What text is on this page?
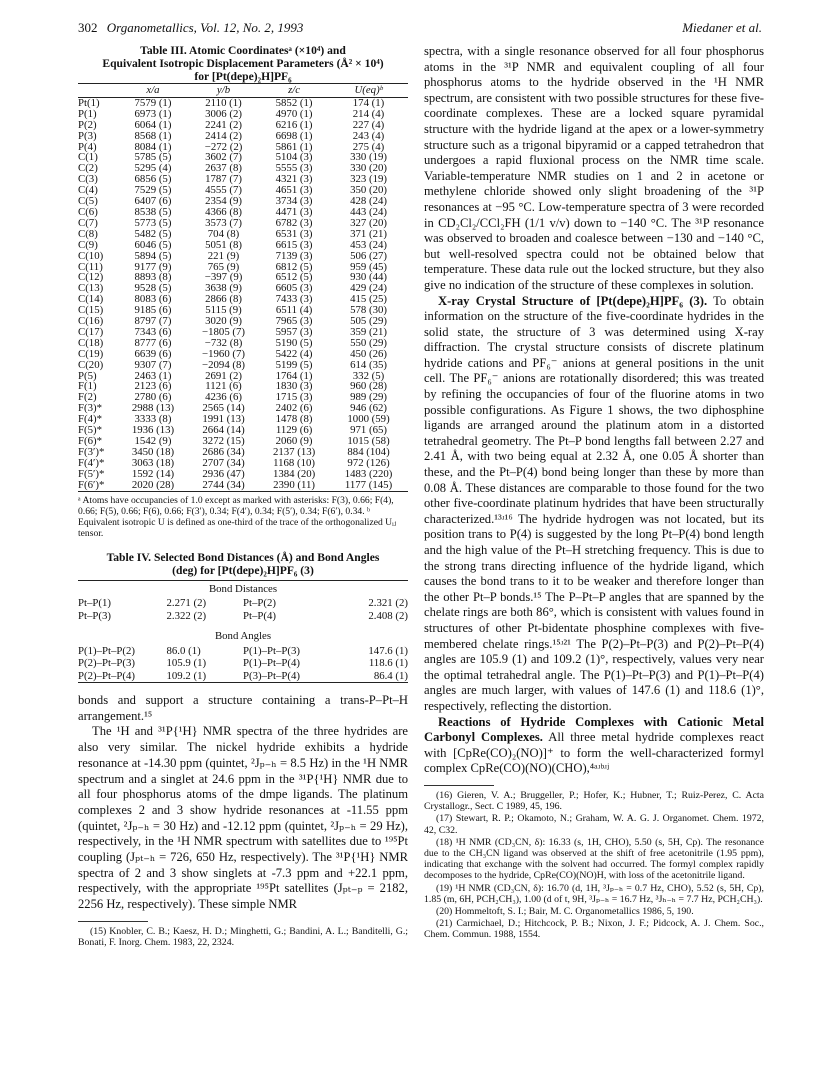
302 Organometallics, Vol. 12, No. 2, 1993	Miedaner et al.
Table III. Atomic Coordinatesᵃ (×10⁴) and
Equivalent Isotropic Displacement Parameters (Å² × 10⁴)
for [Pt(depe)₂H]PF₆
	x/a	y/b	z/c	U(eq)ᵇ
Pt(1)	7579 (1)	2110 (1)	5852 (1)	174 (1)
P(1)	6973 (1)	3006 (2)	4970 (1)	214 (4)
P(2)	6064 (1)	2241 (2)	6216 (1)	227 (4)
P(3)	8568 (1)	2414 (2)	6698 (1)	243 (4)
P(4)	8084 (1)	−272 (2)	5861 (1)	275 (4)
C(1)	5785 (5)	3602 (7)	5104 (3)	330 (19)
C(2)	5295 (4)	2637 (8)	5555 (3)	330 (20)
C(3)	6856 (5)	1787 (7)	4321 (3)	323 (19)
C(4)	7529 (5)	4555 (7)	4651 (3)	350 (20)
C(5)	6407 (6)	2354 (9)	3734 (3)	428 (24)
C(6)	8538 (5)	4366 (8)	4471 (3)	443 (24)
C(7)	5773 (5)	3573 (7)	6782 (3)	327 (20)
C(8)	5482 (5)	704 (8)	6531 (3)	371 (21)
C(9)	6046 (5)	5051 (8)	6615 (3)	453 (24)
C(10)	5894 (5)	221 (9)	7139 (3)	506 (27)
C(11)	9177 (9)	765 (9)	6812 (5)	959 (45)
C(12)	8893 (8)	−397 (9)	6512 (5)	930 (44)
C(13)	9528 (5)	3638 (9)	6605 (3)	429 (24)
C(14)	8083 (6)	2866 (8)	7433 (3)	415 (25)
C(15)	9185 (6)	5115 (9)	6511 (4)	578 (30)
C(16)	8797 (7)	3020 (9)	7965 (3)	505 (29)
C(17)	7343 (6)	−1805 (7)	5957 (3)	359 (21)
C(18)	8777 (6)	−732 (8)	5190 (5)	550 (29)
C(19)	6639 (6)	−1960 (7)	5422 (4)	450 (26)
C(20)	9307 (7)	−2094 (8)	5199 (5)	614 (35)
P(5)	2463 (1)	2691 (2)	1764 (1)	332 (5)
F(1)	2123 (6)	1121 (6)	1830 (3)	960 (28)
F(2)	2780 (6)	4236 (6)	1715 (3)	989 (29)
F(3)*	2988 (13)	2565 (14)	2402 (6)	946 (62)
F(4)*	3333 (8)	1991 (13)	1478 (8)	1000 (59)
F(5)*	1936 (13)	2664 (14)	1129 (6)	971 (65)
F(6)*	1542 (9)	3272 (15)	2060 (9)	1015 (58)
F(3′)*	3450 (18)	2686 (34)	2137 (13)	884 (104)
F(4′)*	3063 (18)	2707 (34)	1168 (10)	972 (126)
F(5′)*	1592 (14)	2936 (47)	1384 (20)	1483 (220)
F(6′)*	2020 (28)	2744 (34)	2390 (11)	1177 (145)
ᵃ Atoms have occupancies of 1.0 except as marked with asterisks: F(3), 0.66; F(4), 0.66; F(5), 0.66; F(6), 0.66; F(3′), 0.34; F(4′), 0.34; F(5′), 0.34; F(6′), 0.34. ᵇ Equivalent isotropic U is defined as one-third of the trace of the orthogonalized Uᵢⱼ tensor.
Table IV. Selected Bond Distances (Å) and Bond Angles
(deg) for [Pt(depe)₂H]PF₆ (3)
Bond Distances			
Pt–P(1)	2.271 (2)	Pt–P(2)	2.321 (2)
Pt–P(3)	2.322 (2)	Pt–P(4)	2.408 (2)

Bond Angles			
P(1)–Pt–P(2)	86.0 (1)	P(1)–Pt–P(3)	147.6 (1)
P(2)–Pt–P(3)	105.9 (1)	P(1)–Pt–P(4)	118.6 (1)
P(2)–Pt–P(4)	109.2 (1)	P(3)–Pt–P(4)	86.4 (1)

bonds and support a structure containing a trans-P–Pt–H arrangement.¹⁵

The ¹H and ³¹P{¹H} NMR spectra of the three hydrides are also very similar. The nickel hydride exhibits a hydride resonance at -14.30 ppm (quintet, ²Jₚ₋ₕ = 8.5 Hz) in the ¹H NMR spectrum and a singlet at 24.6 ppm in the ³¹P{¹H} NMR due to all four phosphorus atoms of the dmpe ligands. The platinum complexes 2 and 3 show hydride resonances at -11.55 ppm (quintet, ²Jₚ₋ₕ = 30 Hz) and -12.12 ppm (quintet, ²Jₚ₋ₕ = 29 Hz), respectively, in the ¹H NMR spectrum with satellites due to ¹⁹⁵Pt coupling (Jₚₜ₋ₕ = 726, 650 Hz, respectively). The ³¹P{¹H} NMR spectra of 2 and 3 show singlets at -7.3 ppm and +22.1 ppm, respectively, with the appropriate ¹⁹⁵Pt satellites (Jₚₜ₋ₚ = 2182, 2256 Hz, respectively). These simple NMR

(15) Knobler, C. B.; Kaesz, H. D.; Minghetti, G.; Bandini, A. L.; Banditelli, G.; Bonati, F. Inorg. Chem. 1983, 22, 2324.

spectra, with a single resonance observed for all four phosphorus atoms in the ³¹P NMR and equivalent coupling of all four phosphorus atoms to the hydride observed in the ¹H NMR spectrum, are consistent with two possible structures for these five-coordinate complexes. These are a locked square pyramidal structure with the hydride ligand at the apex or a lower-symmetry structure such as a trigonal bipyramid or a capped tetrahedron that undergoes a rapid fluxional process on the NMR time scale. Variable-temperature NMR studies on 1 and 2 in acetone or methylene chloride showed only slight broadening of the ³¹P resonances at −95 °C. Low-temperature spectra of 3 were recorded in CD₂Cl₂/CCl₂FH (1/1 v/v) down to −140 °C. The ³¹P resonance was observed to broaden and coalesce between −130 and −140 °C, but well-resolved spectra could not be obtained below that temperature. These data rule out the locked structure, but they also give no indication of the structure of these complexes in solution.

X-ray Crystal Structure of [Pt(depe)₂H]PF₆ (3). To obtain information on the structure of the five-coordinate hydrides in the solid state, the structure of 3 was determined using X-ray diffraction. The crystal structure consists of discrete platinum hydride cations and PF₆⁻ anions at general positions in the unit cell. The PF₆⁻ anions are rotationally disordered; this was treated by refining the occupancies of four of the fluorine atoms in two possible configurations. As Figure 1 shows, the two diphosphine ligands are arranged around the platinum atom in a distorted tetrahedral geometry. The Pt–P bond lengths fall between 2.27 and 2.41 Å, with two being equal at 2.32 Å, one 0.05 Å shorter than these, and the Pt–P(4) bond being longer than these by more than 0.08 Å. These distances are comparable to those found for the two other five-coordinate platinum hydrides that have been structurally characterized.¹³ʴ¹⁶ The hydride hydrogen was not located, but its position trans to P(4) is suggested by the long Pt–P(4) bond length and the high value of the Pt–H stretching frequency. This is due to the strong trans directing influence of the hydride ligand, which causes the bond trans to it to be weaker and therefore longer than the other Pt–P bonds.¹⁵ The P–Pt–P angles that are spanned by the chelate rings are both 86°, which is consistent with values found in structures of other Pt-bidentate phosphine complexes with five-membered chelate rings.¹⁵ʴ²¹ The P(2)–Pt–P(3) and P(2)–Pt–P(4) angles are 105.9 (1) and 109.2 (1)°, respectively, values very near the optimal tetrahedral angle. The P(1)–Pt–P(3) and P(1)–Pt–P(4) angles are much larger, with values of 147.6 (1) and 118.6 (1)°, respectively, reflecting the distortion.

Reactions of Hydride Complexes with Cationic Metal Carbonyl Complexes. All three metal hydride complexes react with [CpRe(CO)₂(NO)]⁺ to form the well-characterized formyl complex CpRe(CO)(NO)(CHO),⁴ᵃʴᵇʴʲ

(16) Gieren, V. A.; Bruggeller, P.; Hofer, K.; Hubner, T.; Ruiz-Perez, C. Acta Crystallogr., Sect. C 1989, 45, 196.

(17) Stewart, R. P.; Okamoto, N.; Graham, W. A. G. J. Organomet. Chem. 1972, 42, C32.

(18) ¹H NMR (CD₃CN, δ): 16.33 (s, 1H, CHO), 5.50 (s, 5H, Cp). The resonance due to the CH₃CN ligand was observed at the shift of free acetonitrile (1.95 ppm), indicating that exchange with the solvent had occurred. The formyl complex rapidly decomposes to the hydride, CpRe(CO)(NO)H, with loss of the acetonitrile ligand.

(19) ¹H NMR (CD₃CN, δ): 16.70 (d, 1H, ³Jₚ₋ₕ = 0.7 Hz, CHO), 5.52 (s, 5H, Cp), 1.85 (m, 6H, PCH₂CH₃), 1.00 (d of t, 9H, ³Jₚ₋ₕ = 16.7 Hz, ³Jₕ₋ₕ = 7.7 Hz, PCH₂CH₃).

(20) Hommeltoft, S. I.; Bair, M. C. Organometallics 1986, 5, 190.

(21) Carmichael, D.; Hitchcock, P. B.; Nixon, J. F.; Pidcock, A. J. Chem. Soc., Chem. Commun. 1988, 1554.
